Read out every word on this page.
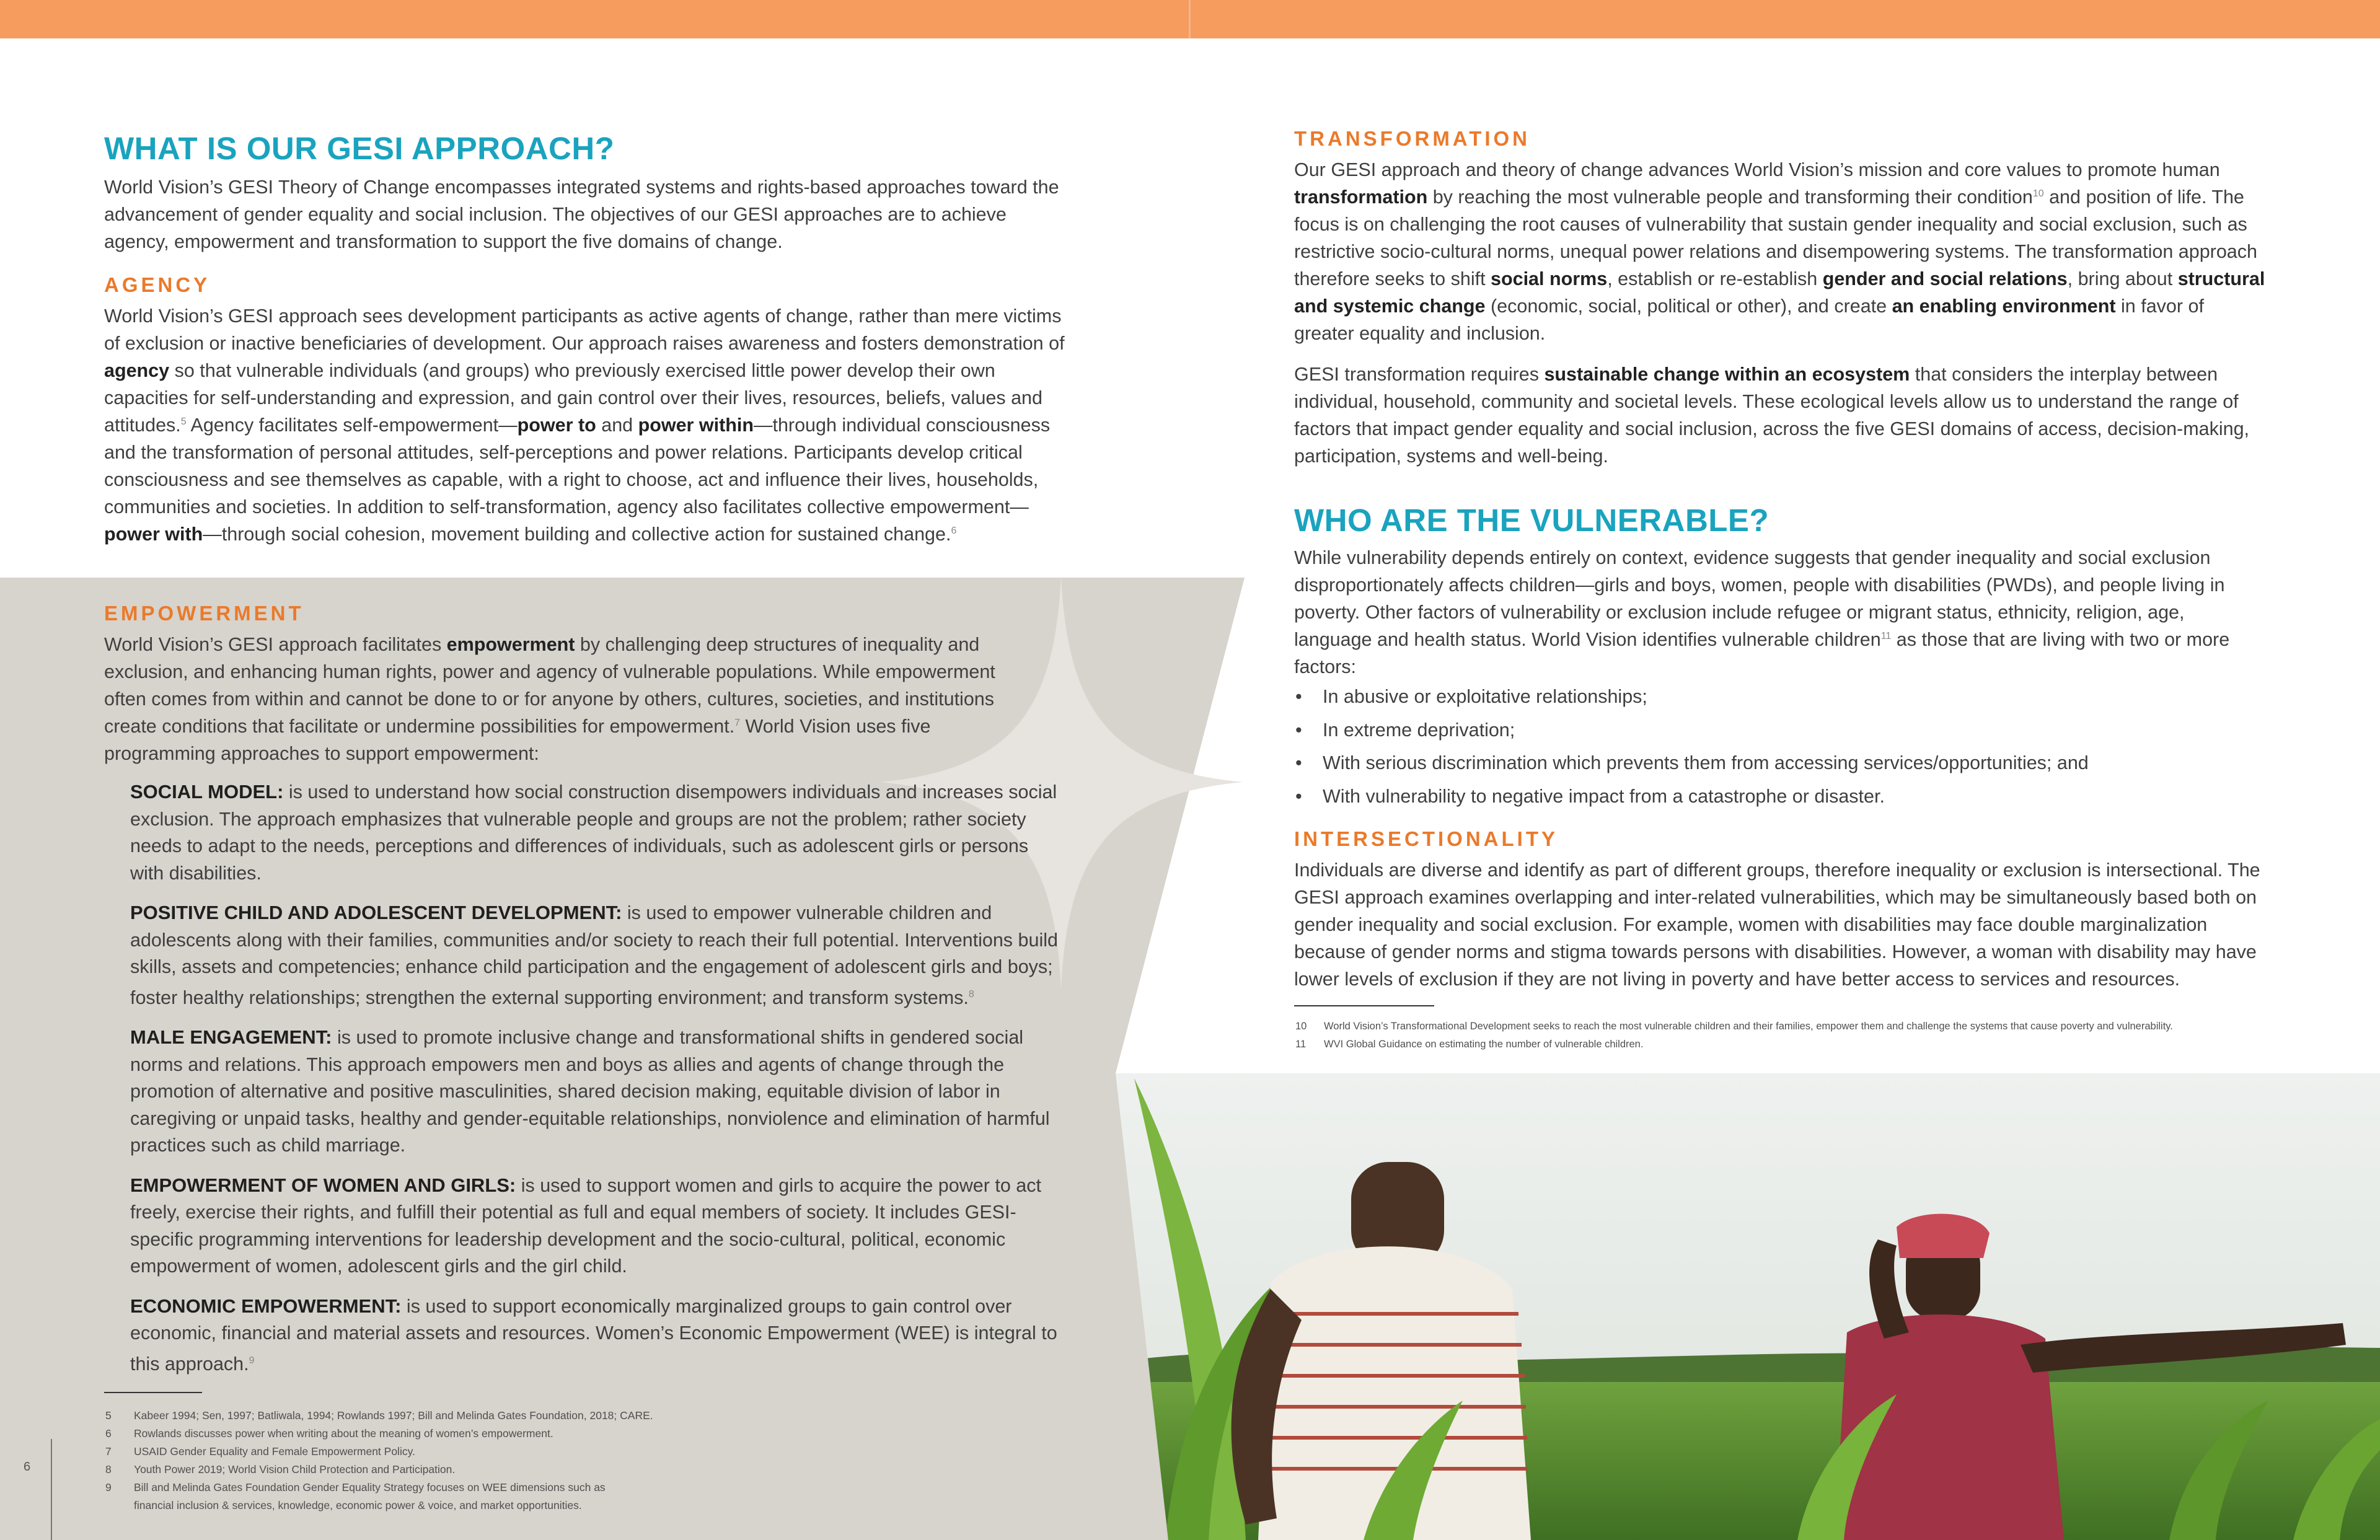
WHAT IS OUR GESI APPROACH?

World Vision’s GESI Theory of Change encompasses integrated systems and rights-based approaches toward the advancement of gender equality and social inclusion. The objectives of our GESI approaches are to achieve agency, empowerment and transformation to support the five domains of change.

AGENCY

World Vision’s GESI approach sees development participants as active agents of change, rather than mere victims of exclusion or inactive beneficiaries of development. Our approach raises awareness and fosters demonstration of agency so that vulnerable individuals (and groups) who previously exercised little power develop their own capacities for self-understanding and expression, and gain control over their lives, resources, beliefs, values and attitudes.$^5$ Agency facilitates self-empowerment—power to and power within—through individual consciousness and the transformation of personal attitudes, self-perceptions and power relations. Participants develop critical consciousness and see themselves as capable, with a right to choose, act and influence their lives, households, communities and societies. In addition to self-transformation, agency also facilitates collective empowerment—power with—through social cohesion, movement building and collective action for sustained change.$^6$

EMPOWERMENT

World Vision’s GESI approach facilitates empowerment by challenging deep structures of inequality and exclusion, and enhancing human rights, power and agency of vulnerable populations. While empowerment often comes from within and cannot be done to or for anyone by others, cultures, societies, and institutions create conditions that facilitate or undermine possibilities for empowerment.$^7$ World Vision uses five programming approaches to support empowerment:

SOCIAL MODEL: is used to understand how social construction disempowers individuals and increases social exclusion. The approach emphasizes that vulnerable people and groups are not the problem; rather society needs to adapt to the needs, perceptions and differences of individuals, such as adolescent girls or persons with disabilities.

POSITIVE CHILD AND ADOLESCENT DEVELOPMENT: is used to empower vulnerable children and adolescents along with their families, communities and/or society to reach their full potential. Interventions build skills, assets and competencies; enhance child participation and the engagement of adolescent girls and boys; foster healthy relationships; strengthen the external supporting environment; and transform systems.$^8$

MALE ENGAGEMENT: is used to promote inclusive change and transformational shifts in gendered social norms and relations. This approach empowers men and boys as allies and agents of change through the promotion of alternative and positive masculinities, shared decision making, equitable division of labor in caregiving or unpaid tasks, healthy and gender-equitable relationships, nonviolence and elimination of harmful practices such as child marriage.

EMPOWERMENT OF WOMEN AND GIRLS: is used to support women and girls to acquire the power to act freely, exercise their rights, and fulfill their potential as full and equal members of society. It includes GESI-specific programming interventions for leadership development and the socio-cultural, political, economic empowerment of women, adolescent girls and the girl child.

ECONOMIC EMPOWERMENT: is used to support economically marginalized groups to gain control over economic, financial and material assets and resources. Women’s Economic Empowerment (WEE) is integral to this approach.$^9$

5 Kabeer 1994; Sen, 1997; Batliwala, 1994; Rowlands 1997; Bill and Melinda Gates Foundation, 2018; CARE.
6 Rowlands discusses power when writing about the meaning of women’s empowerment.
7 USAID Gender Equality and Female Empowerment Policy.
8 Youth Power 2019; World Vision Child Protection and Participation.
9 Bill and Melinda Gates Foundation Gender Equality Strategy focuses on WEE dimensions such as
financial inclusion & services, knowledge, economic power & voice, and market opportunities.
6
TRANSFORMATION

Our GESI approach and theory of change advances World Vision’s mission and core values to promote human transformation by reaching the most vulnerable people and transforming their condition$^{10}$ and position of life. The focus is on challenging the root causes of vulnerability that sustain gender inequality and social exclusion, such as restrictive socio-cultural norms, unequal power relations and disempowering systems. The transformation approach therefore seeks to shift social norms, establish or re-establish gender and social relations, bring about structural and systemic change (economic, social, political or other), and create an enabling environment in favor of greater equality and inclusion.

GESI transformation requires sustainable change within an ecosystem that considers the interplay between individual, household, community and societal levels. These ecological levels allow us to understand the range of factors that impact gender equality and social inclusion, across the five GESI domains of access, decision-making, participation, systems and well-being.

WHO ARE THE VULNERABLE?

While vulnerability depends entirely on context, evidence suggests that gender inequality and social exclusion disproportionately affects children—girls and boys, women, people with disabilities (PWDs), and people living in poverty. Other factors of vulnerability or exclusion include refugee or migrant status, ethnicity, religion, age, language and health status. World Vision identifies vulnerable children$^{11}$ as those that are living with two or more factors:

• In abusive or exploitative relationships;
• In extreme deprivation;
• With serious discrimination which prevents them from accessing services/opportunities; and
• With vulnerability to negative impact from a catastrophe or disaster.
INTERSECTIONALITY

Individuals are diverse and identify as part of different groups, therefore inequality or exclusion is intersectional. The GESI approach examines overlapping and inter-related vulnerabilities, which may be simultaneously based both on gender inequality and social exclusion. For example, women with disabilities may face double marginalization because of gender norms and stigma towards persons with disabilities. However, a woman with disability may have lower levels of exclusion if they are not living in poverty and have better access to services and resources.

10 World Vision’s Transformational Development seeks to reach the most vulnerable children and their families, empower them and challenge the systems that cause poverty and vulnerability.
11 WVI Global Guidance on estimating the number of vulnerable children.
